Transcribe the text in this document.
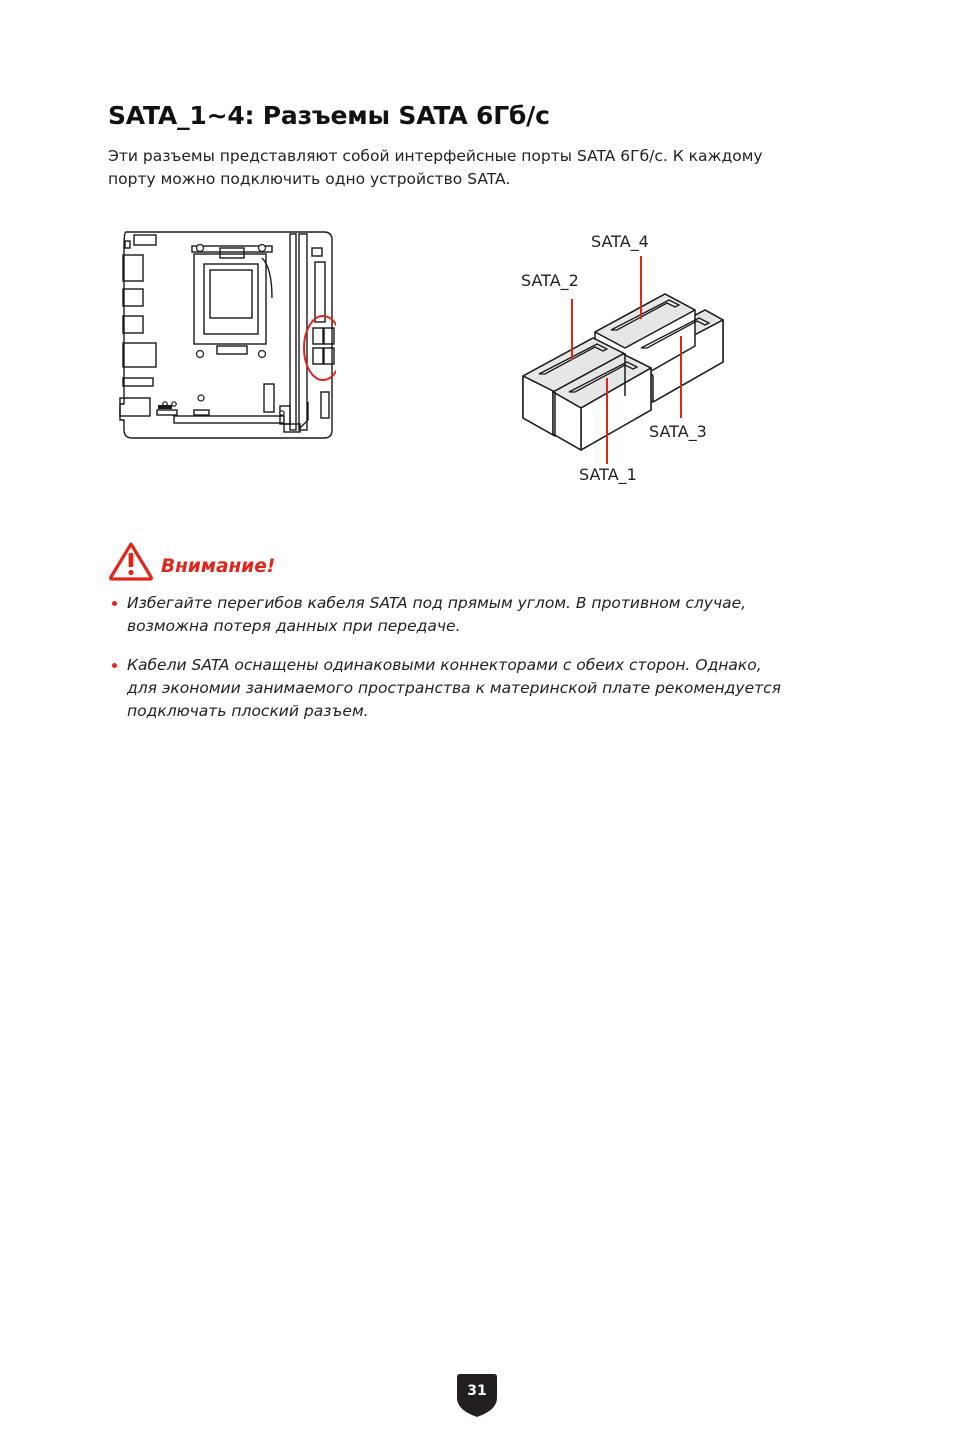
SATA_1~4: Разъемы SATA 6Гб/с

Эти разъемы представляют собой интерфейсные порты SATA 6Гб/с. К каждому
порту можно подключить одно устройство SATA.

SATA_4
SATA_2
SATA_3
SATA_1
Внимание!
Избегайте перегибов кабеля SATA под прямым углом. В противном случае,
возможна потеря данных при передаче.
Кабели SATA оснащены одинаковыми коннекторами с обеих сторон. Однако,
для экономии занимаемого пространства к материнской плате рекомендуется
подключать плоский разъем.
31
